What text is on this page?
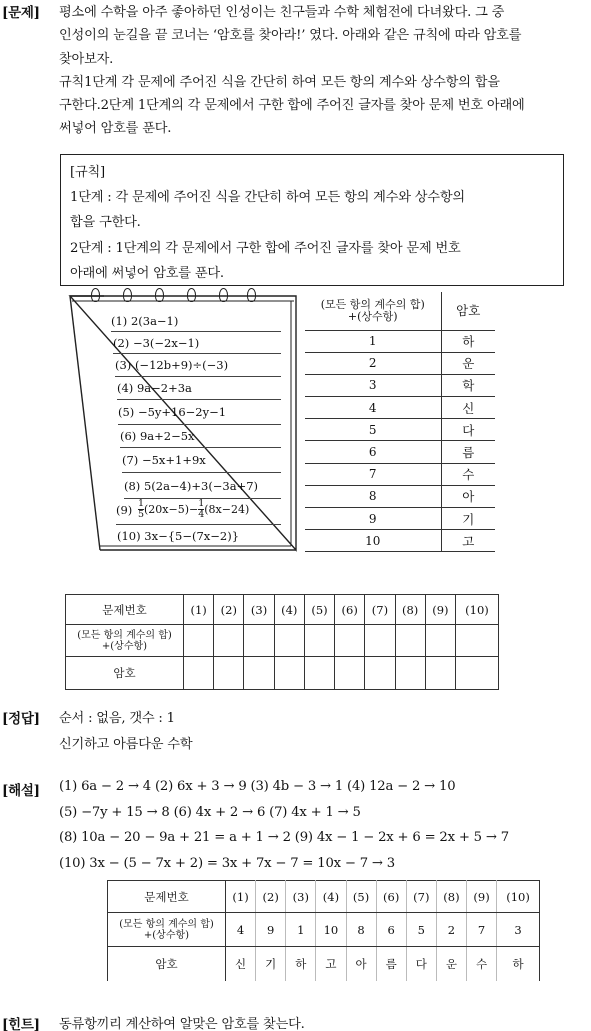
[문제] 평소에 수학을 아주 좋아하던 인성이는 친구들과 수학 체험전에 다녀왔다. 그 중
인성이의 눈길을 끝 코너는 ‘암호를 찾아라!’ 였다. 아래와 같은 규칙에 따라 암호를
찾아보자.
규칙1단계 각 문제에 주어진 식을 간단히 하여 모든 항의 계수와 상수항의 합을
구한다.2단계 1단계의 각 문제에서 구한 합에 주어진 글자를 찾아 문제 번호 아래에
써넣어 암호를 푼다.
[규칙]
1단계 : 각 문제에 주어진 식을 간단히 하여 모든 항의 계수와 상수항의
합을 구한다.
2단계 : 1단계의 각 문제에서 구한 합에 주어진 글자를 찾아 문제 번호
아래에 써넣어 암호를 푼다.
(1) 2(3a−1)
(2) −3(−2x−1)
(3) (−12b+9)÷(−3)
(4) 9a−2+3a
(5) −5y+16−2y−1
(6) 9a+2−5x
(7) −5x+1+9x
(8) 5(2a−4)+3(−3a+7)
$(9) \frac{1}{5} (20x-5)- \frac{1}{4} (8x-24)$
(10) 3x−{5−(7x−2)}
(모든 항의 계수의 합)
+(상수항)	암호
1	하
2	운
3	학
4	신
5	다
6	름
7	수
8	아
9	기
10	고
문제번호	(1)	(2)	(3)	(4)	(5)	(6)	(7)	(8)	(9)	(10)
(모든 항의 계수의 합)
+(상수항)										
암호										
[정답] 순서 : 없음, 갯수 : 1
신기하고 아름다운 수학
[해설] (1) 6a − 2 → 4 (2) 6x + 3 → 9 (3) 4b − 3 → 1 (4) 12a − 2 → 10
(5) −7y + 15 → 8 (6) 4x + 2 → 6 (7) 4x + 1 → 5
(8) 10a − 20 − 9a + 21 = a + 1 → 2 (9) 4x − 1 − 2x + 6 = 2x + 5 → 7
(10) 3x − (5 − 7x + 2) = 3x + 7x − 7 = 10x − 7 → 3
문제번호	(1)	(2)	(3)	(4)	(5)	(6)	(7)	(8)	(9)	(10)
(모든 항의 계수의 합)
+(상수항)	4	9	1	10	8	6	5	2	7	3
암호	신	기	하	고	아	름	다	운	수	하
[힌트] 동류항끼리 계산하여 알맞은 암호를 찾는다.
